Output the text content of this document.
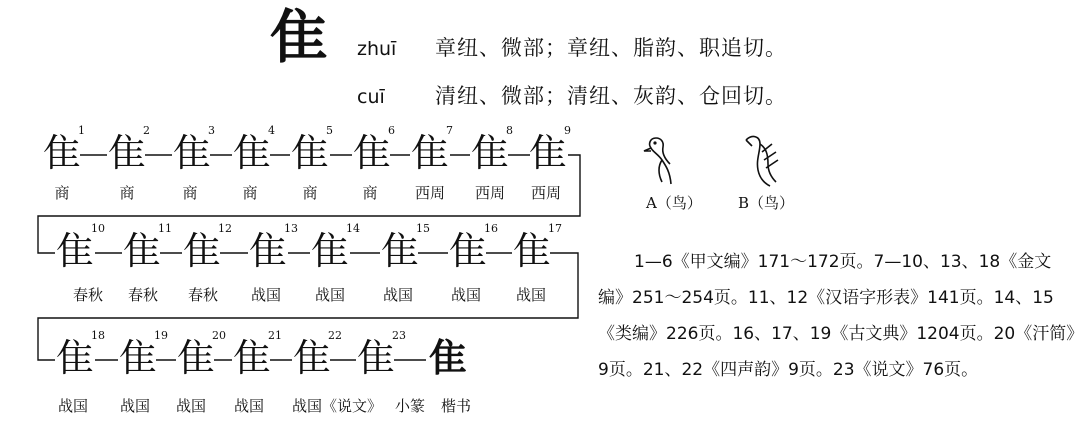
隹 zhuī 章纽、微部；章纽、脂韵、职追切。
cuī 清纽、微部；清纽、灰韵、仓回切。
隹
1
隹
2
隹
3
隹
4
隹
5
隹
6
隹
7
隹
8
隹
9
商	商	商	商	商	商 西周 西周 西周
隹
10
隹
11
隹
12
隹
13
隹
14
隹
15
隹
16
隹
17
春秋 春秋 春秋 战国 战国	战国	战国 战国
隹
18
隹
19
隹
20
隹
21
隹
22
隹
23
隹
战国 战国 战国 战国 战国《说文》 小篆 楷书
A（鸟） B（鸟）
1—6《甲文编》171～172页。7—10、13、18《金文编》251～254页。11、12《汉语字形表》141页。14、15《类编》226页。16、17、19《古文典》1204页。20《汗简》9页。21、22《四声韵》9页。23《说文》76页。
